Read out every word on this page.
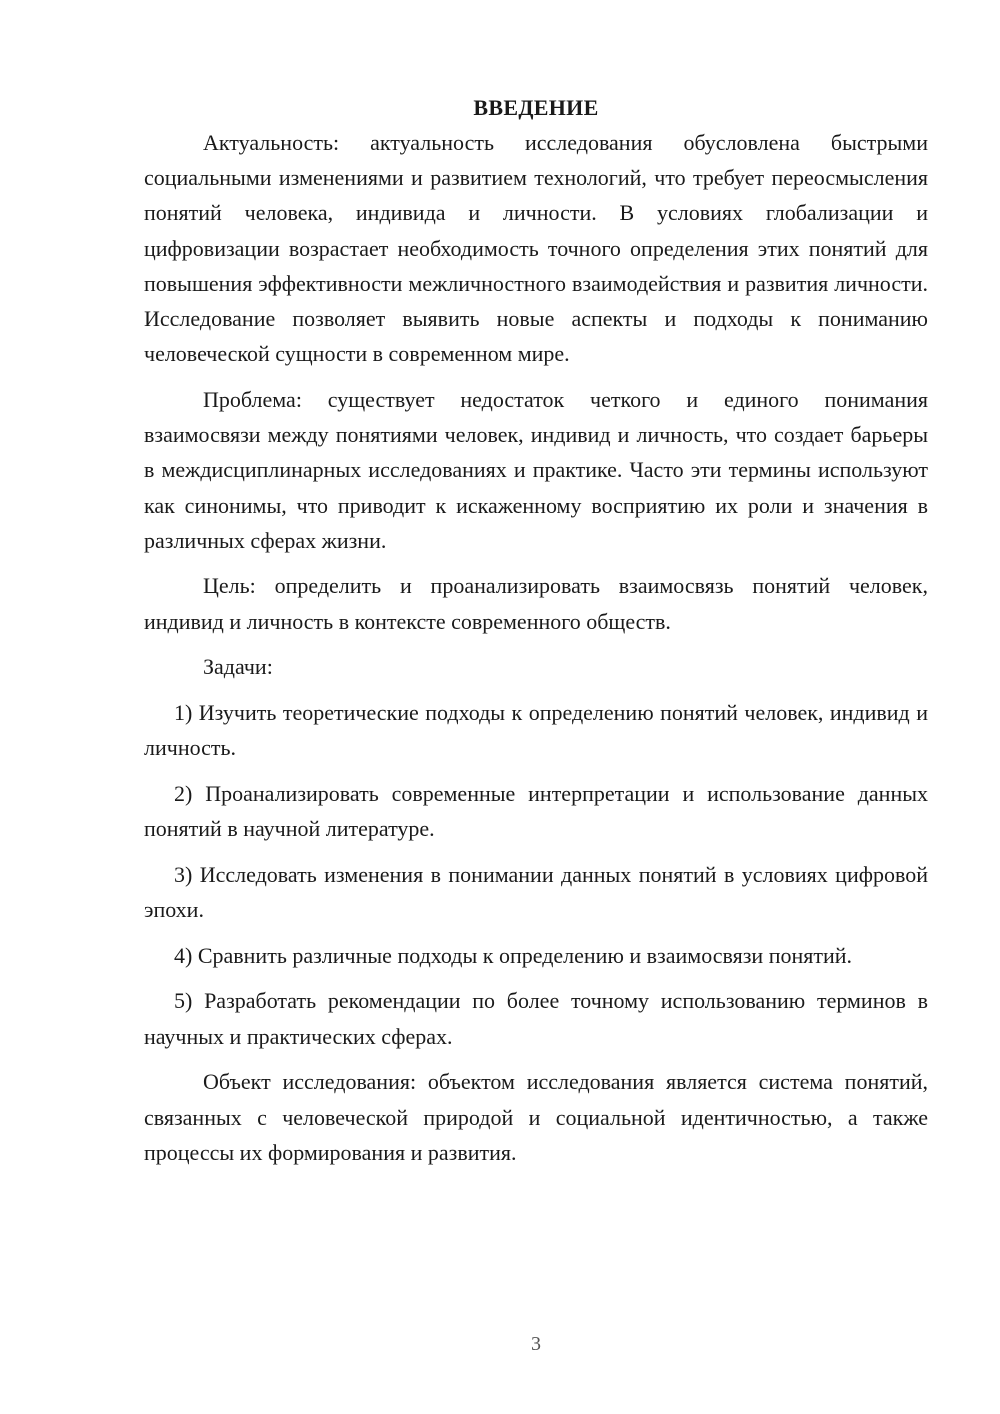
ВВЕДЕНИЕ

Актуальность: актуальность исследования обусловлена быстрыми социальными изменениями и развитием технологий, что требует переосмысления понятий человека, индивида и личности. В условиях глобализации и цифровизации возрастает необходимость точного определения этих понятий для повышения эффективности межличностного взаимодействия и развития личности. Исследование позволяет выявить новые аспекты и подходы к пониманию человеческой сущности в современном мире.

Проблема: существует недостаток четкого и единого понимания взаимосвязи между понятиями человек, индивид и личность, что создает барьеры в междисциплинарных исследованиях и практике. Часто эти термины используют как синонимы, что приводит к искаженному восприятию их роли и значения в различных сферах жизни.

Цель: определить и проанализировать взаимосвязь понятий человек, индивид и личность в контексте современного обществ.

Задачи:

1) Изучить теоретические подходы к определению понятий человек, индивид и личность.

2) Проанализировать современные интерпретации и использование данных понятий в научной литературе.

3) Исследовать изменения в понимании данных понятий в условиях цифровой эпохи.

4) Сравнить различные подходы к определению и взаимосвязи понятий.

5) Разработать рекомендации по более точному использованию терминов в научных и практических сферах.

Объект исследования: объектом исследования является система понятий, связанных с человеческой природой и социальной идентичностью, а также процессы их формирования и развития.

3
